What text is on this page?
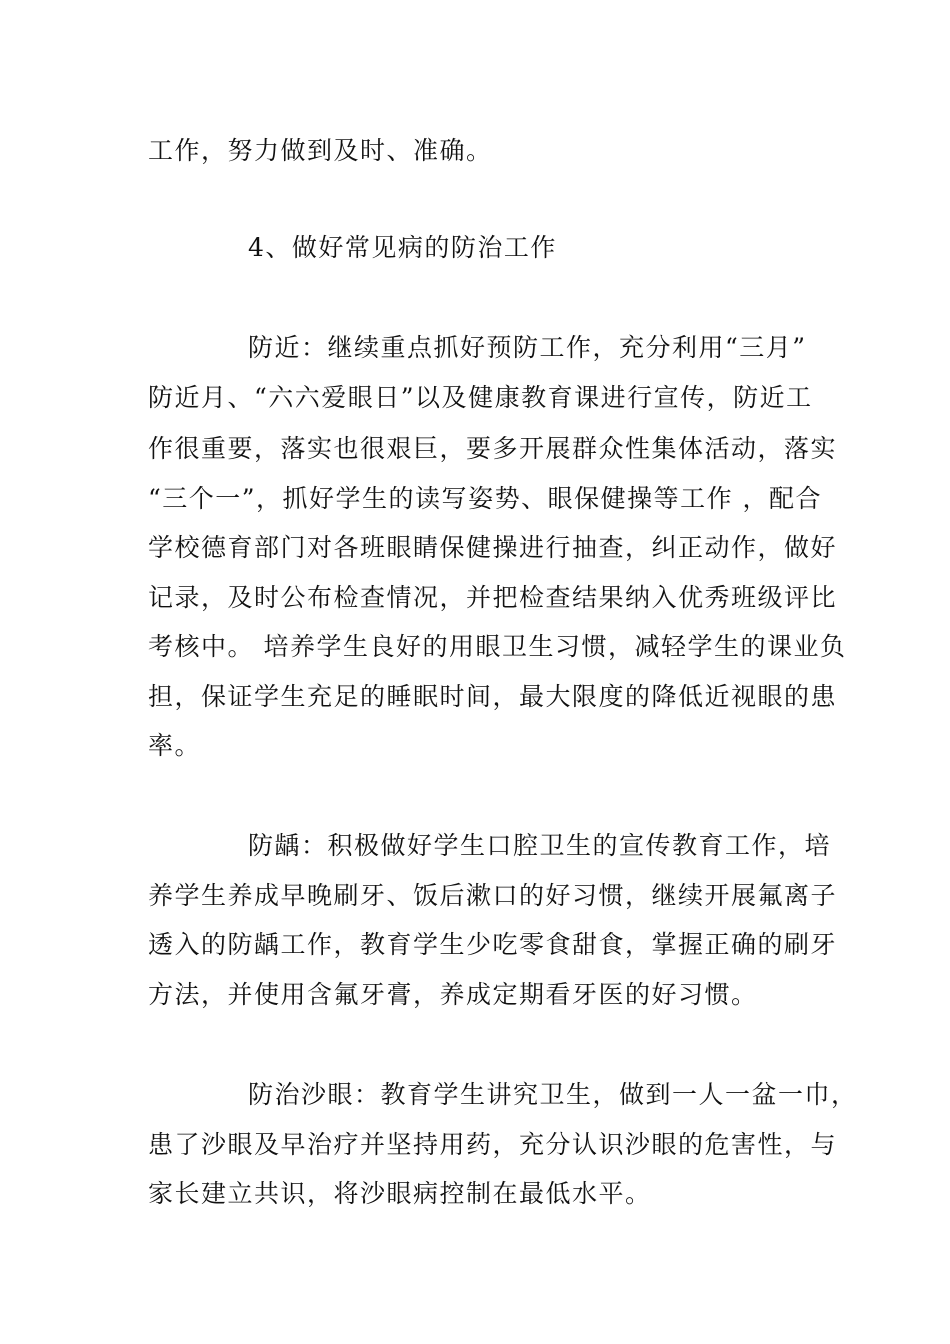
工作，努力做到及时、准确。
4、做好常见病的防治工作
防近：继续重点抓好预防工作，充分利用“三月”
防近月、“六六爱眼日”以及健康教育课进行宣传，防近工
作很重要，落实也很艰巨，要多开展群众性集体活动，落实
“三个一”，抓好学生的读写姿势、眼保健操等工作 ，配合
学校德育部门对各班眼睛保健操进行抽查，纠正动作，做好
记录，及时公布检查情况，并把检查结果纳入优秀班级评比
考核中。 培养学生良好的用眼卫生习惯，减轻学生的课业负
担，保证学生充足的睡眠时间，最大限度的降低近视眼的患
率。
防龋：积极做好学生口腔卫生的宣传教育工作，培
养学生养成早晚刷牙、饭后漱口的好习惯，继续开展氟离子
透入的防龋工作，教育学生少吃零食甜食，掌握正确的刷牙
方法，并使用含氟牙膏，养成定期看牙医的好习惯。
防治沙眼：教育学生讲究卫生，做到一人一盆一巾，
患了沙眼及早治疗并坚持用药，充分认识沙眼的危害性，与
家长建立共识，将沙眼病控制在最低水平。
